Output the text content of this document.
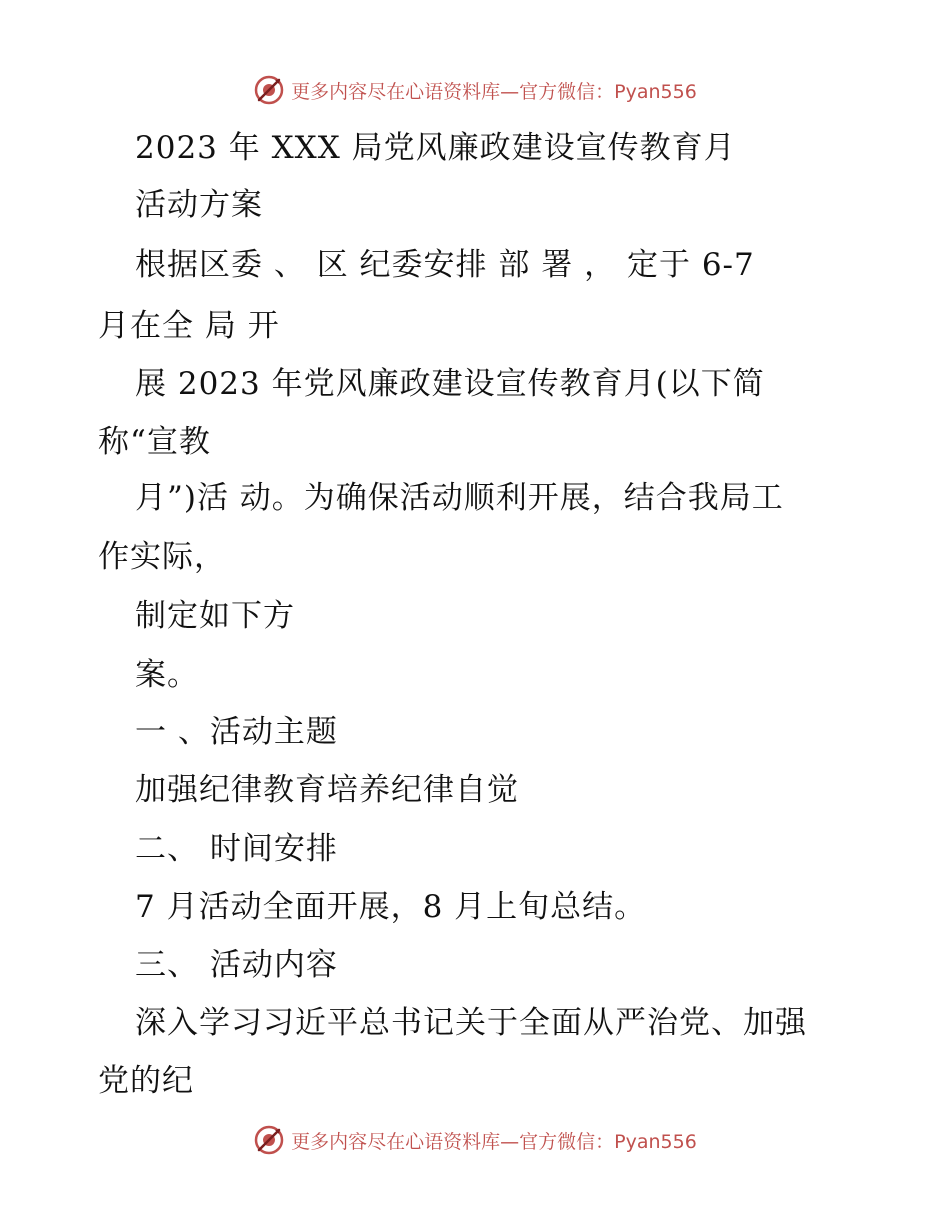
更多内容尽在心语资料库—官方微信：Pyan556
2023 年 XXX 局党风廉政建设宣传教育月
活动方案
根据区委 、 区 纪委安排 部 署 ， 定于 6-7
月在全 局 开
展 2023 年党风廉政建设宣传教育月(以下简
称“宣教
月”)活 动。为确保活动顺利开展，结合我局工
作实际，
制定如下方
案。
一 、活动主题
加强纪律教育培养纪律自觉
二、 时间安排
7 月活动全面开展，8 月上旬总结。
三、 活动内容
深入学习习近平总书记关于全面从严治党、加强
党的纪
更多内容尽在心语资料库—官方微信：Pyan556
